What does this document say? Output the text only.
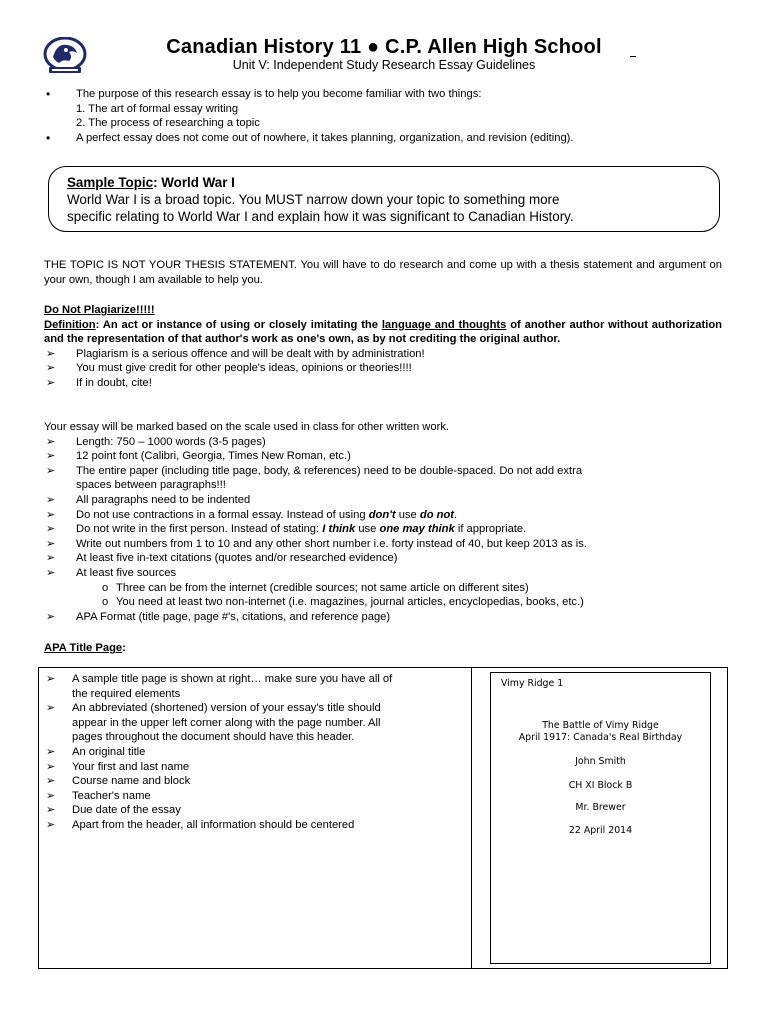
Canadian History 11 ● C.P. Allen High School
Unit V: Independent Study Research Essay Guidelines
The purpose of this research essay is to help you become familiar with two things:
1. The art of formal essay writing
2. The process of researching a topic
A perfect essay does not come out of nowhere, it takes planning, organization, and revision (editing).
Sample Topic: World War I
World War I is a broad topic. You MUST narrow down your topic to something more
specific relating to World War I and explain how it was significant to Canadian History.
THE TOPIC IS NOT YOUR THESIS STATEMENT. You will have to do research and come up with a thesis statement and argument on your own, though I am available to help you.
Do Not Plagiarize!!!!!
Definition: An act or instance of using or closely imitating the language and thoughts of another author without authorization and the representation of that author's work as one's own, as by not crediting the original author.
Plagiarism is a serious offence and will be dealt with by administration!
You must give credit for other people's ideas, opinions or theories!!!!
If in doubt, cite!
Your essay will be marked based on the scale used in class for other written work.
Length: 750 – 1000 words (3-5 pages)
12 point font (Calibri, Georgia, Times New Roman, etc.)
The entire paper (including title page, body, & references) need to be double-spaced. Do not add extra
spaces between paragraphs!!!
All paragraphs need to be indented
Do not use contractions in a formal essay. Instead of using don't use do not.
Do not write in the first person. Instead of stating: I think use one may think if appropriate.
Write out numbers from 1 to 10 and any other short number i.e. forty instead of 40, but keep 2013 as is.
At least five in-text citations (quotes and/or researched evidence)
At least five sources
o Three can be from the internet (credible sources; not same article on different sites)
o You need at least two non-internet (i.e. magazines, journal articles, encyclopedias, books, etc.)
APA Format (title page, page #'s, citations, and reference page)
APA Title Page:
A sample title page is shown at right… make sure you have all of
the required elements
An abbreviated (shortened) version of your essay's title should
appear in the upper left corner along with the page number. All
pages throughout the document should have this header.
An original title
Your first and last name
Course name and block
Teacher's name
Due date of the essay
Apart from the header, all information should be centered
Vimy Ridge 1
The Battle of Vimy Ridge
April 1917: Canada's Real Birthday
John Smith
CH XI Block B
Mr. Brewer
22 April 2014
